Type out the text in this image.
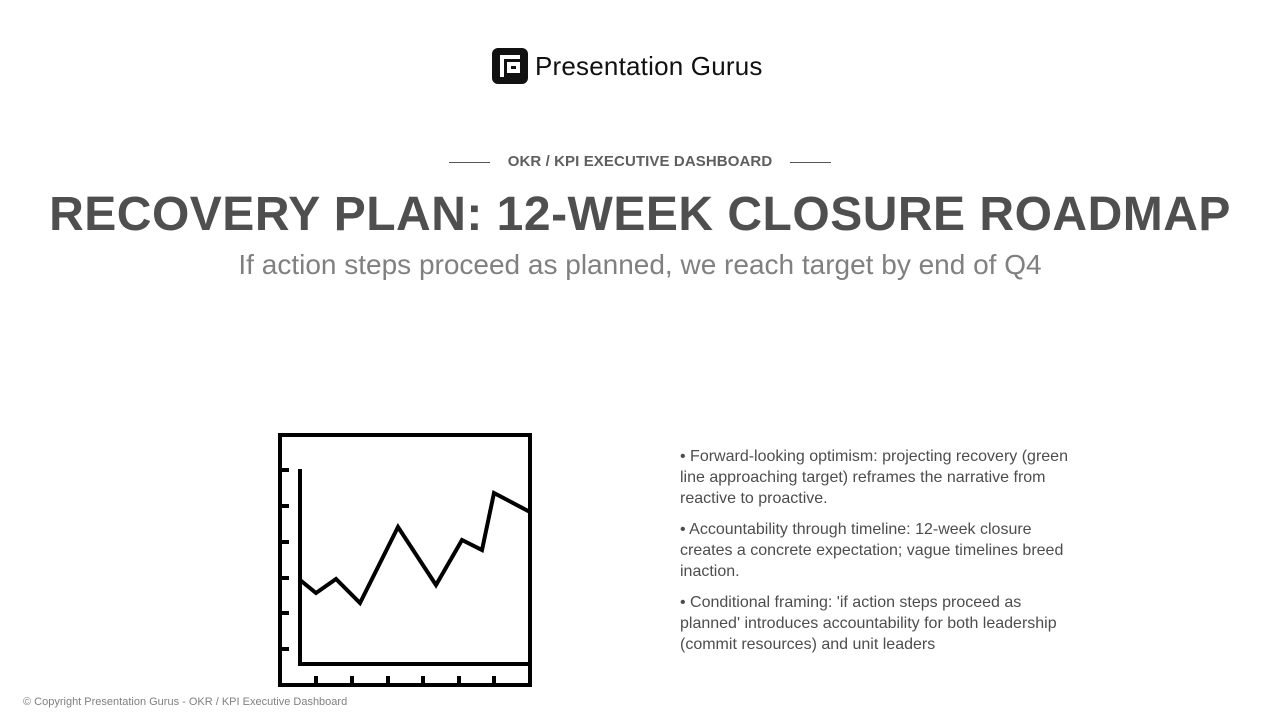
Presentation Gurus
OKR / KPI EXECUTIVE DASHBOARD
RECOVERY PLAN: 12-WEEK CLOSURE ROADMAP
If action steps proceed as planned, we reach target by end of Q4
• Forward-looking optimism: projecting recovery (green line approaching target) reframes the narrative from reactive to proactive.
• Accountability through timeline: 12-week closure creates a concrete expectation; vague timelines breed inaction.
• Conditional framing: 'if action steps proceed as planned' introduces accountability for both leadership (commit resources) and unit leaders
© Copyright Presentation Gurus - OKR / KPI Executive Dashboard
